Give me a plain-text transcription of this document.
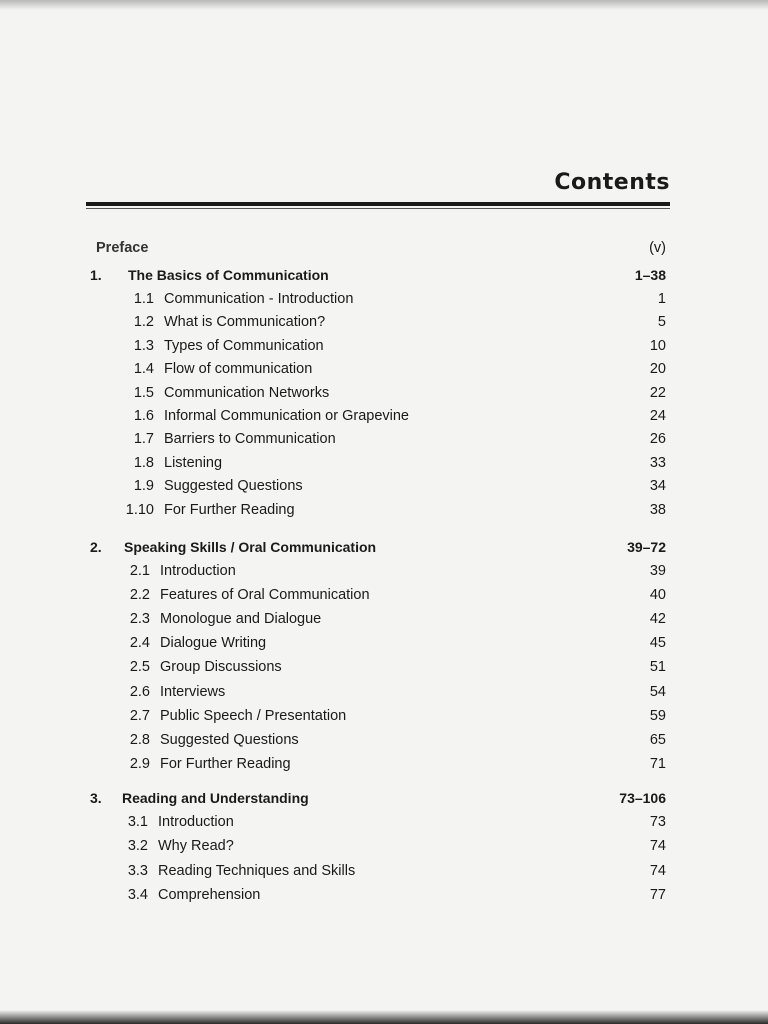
Contents
Preface	(v)
1.	The Basics of Communication	1–38
1.1 Communication - Introduction	1
1.2 What is Communication?	5
1.3 Types of Communication	10
1.4 Flow of communication	20
1.5 Communication Networks	22
1.6 Informal Communication or Grapevine	24
1.7 Barriers to Communication	26
1.8 Listening	33
1.9 Suggested Questions	34
1.10 For Further Reading	38
2.	Speaking Skills / Oral Communication	39–72
2.1 Introduction	39
2.2 Features of Oral Communication	40
2.3 Monologue and Dialogue	42
2.4 Dialogue Writing	45
2.5 Group Discussions	51
2.6 Interviews	54
2.7 Public Speech / Presentation	59
2.8 Suggested Questions	65
2.9 For Further Reading	71
3.	Reading and Understanding	73–106
3.1 Introduction	73
3.2 Why Read?	74
3.3 Reading Techniques and Skills	74
3.4 Comprehension	77
